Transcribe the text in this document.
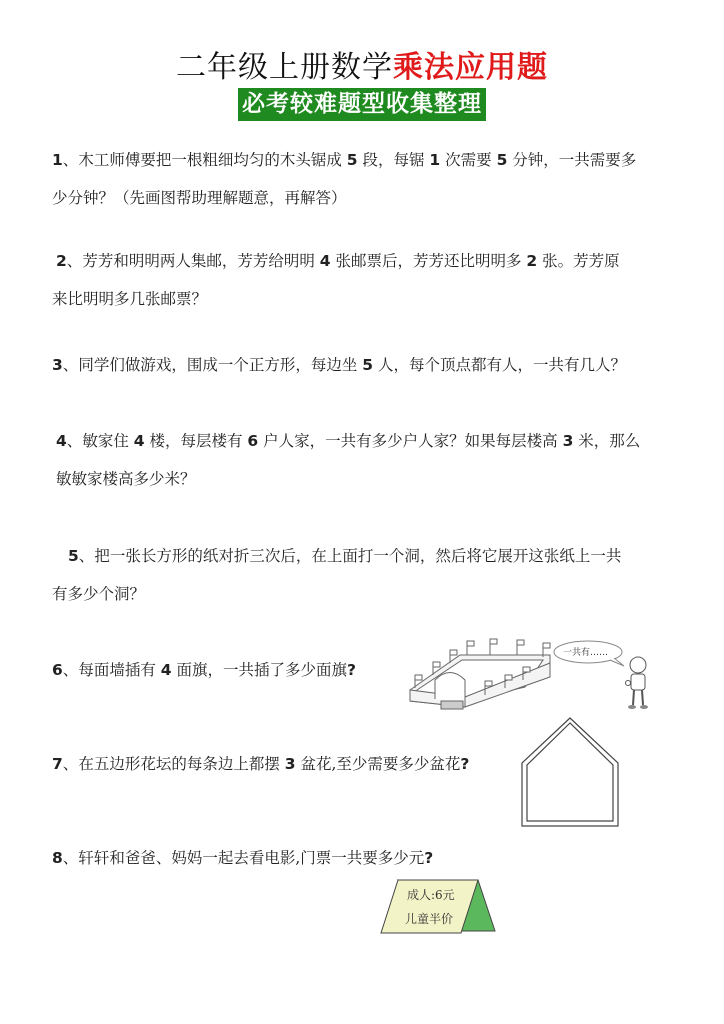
二年级上册数学乘法应用题
必考较难题型收集整理
1、木工师傅要把一根粗细均匀的木头锯成 5 段，每锯 1 次需要 5 分钟，一共需要多
少分钟？（先画图帮助理解题意，再解答）
2、芳芳和明明两人集邮，芳芳给明明 4 张邮票后，芳芳还比明明多 2 张。芳芳原
来比明明多几张邮票？
3、同学们做游戏，围成一个正方形，每边坐 5 人，每个顶点都有人，一共有几人？
4、敏家住 4 楼，每层楼有 6 户人家，一共有多少户人家？如果每层楼高 3 米，那么
敏敏家楼高多少米？
5、把一张长方形的纸对折三次后，在上面打一个洞，然后将它展开这张纸上一共
有多少个洞？
6、每面墙插有 4 面旗，一共插了多少面旗?
7、在五边形花坛的每条边上都摆 3 盆花,至少需要多少盆花?
8、轩轩和爸爸、妈妈一起去看电影,门票一共要多少元?
一共有……
成人:6元
儿童半价
